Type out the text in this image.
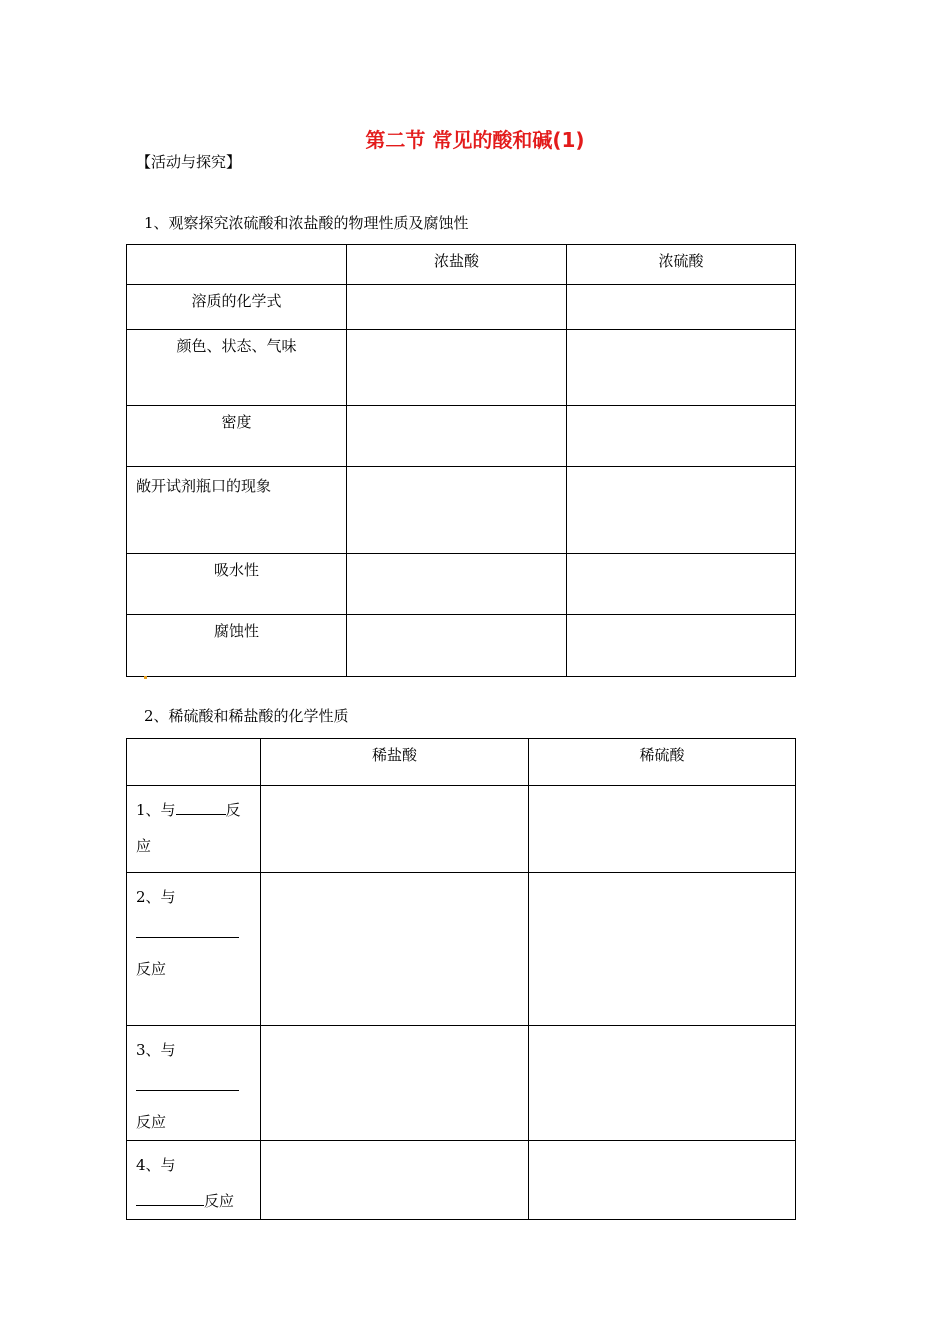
第二节 常见的酸和碱(1)
【活动与探究】
1、观察探究浓硫酸和浓盐酸的物理性质及腐蚀性
	浓盐酸	浓硫酸
溶质的化学式		
颜色、状态、气味		
密度		
敞开试剂瓶口的现象		
吸水性		
腐蚀性		
2、稀硫酸和稀盐酸的化学性质
	稀盐酸	稀硫酸
1、与 反
应		
2、与

反应		
3、与

反应		
4、与
反应		
